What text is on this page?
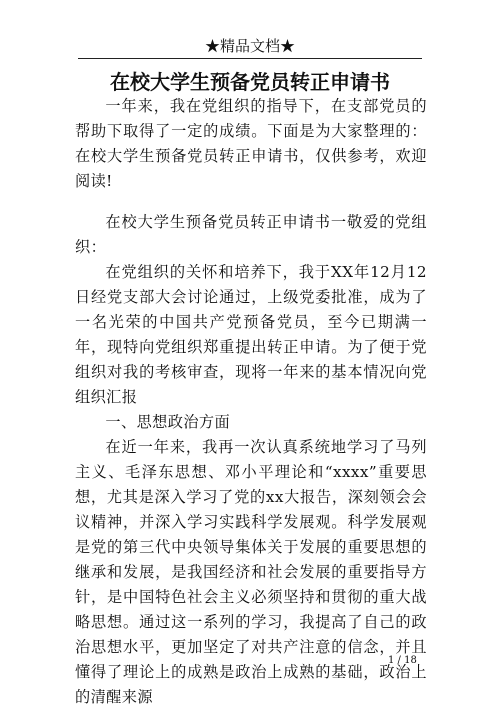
★精品文档★
在校大学生预备党员转正申请书

一年来，我在党组织的指导下，在支部党员的帮助下取得了一定的成绩。下面是为大家整理的：在校大学生预备党员转正申请书，仅供参考，欢迎阅读!

在校大学生预备党员转正申请书一敬爱的党组织：

在党组织的关怀和培养下，我于XX年12月12日经党支部大会讨论通过，上级党委批准，成为了一名光荣的中国共产党预备党员，至今已期满一年，现特向党组织郑重提出转正申请。为了便于党组织对我的考核审查，现将一年来的基本情况向党组织汇报

一、思想政治方面

在近一年来，我再一次认真系统地学习了马列主义、毛泽东思想、邓小平理论和“xxxx”重要思想，尤其是深入学习了党的xx大报告，深刻领会会议精神，并深入学习实践科学发展观。科学发展观是党的第三代中央领导集体关于发展的重要思想的继承和发展，是我国经济和社会发展的重要指导方针，是中国特色社会主义必须坚持和贯彻的重大战略思想。通过这一系列的学习，我提高了自己的政治思想水平，更加坚定了对共产注意的信念，并且懂得了理论上的成熟是政治上成熟的基础，政治上的清醒来源

1 / 18
